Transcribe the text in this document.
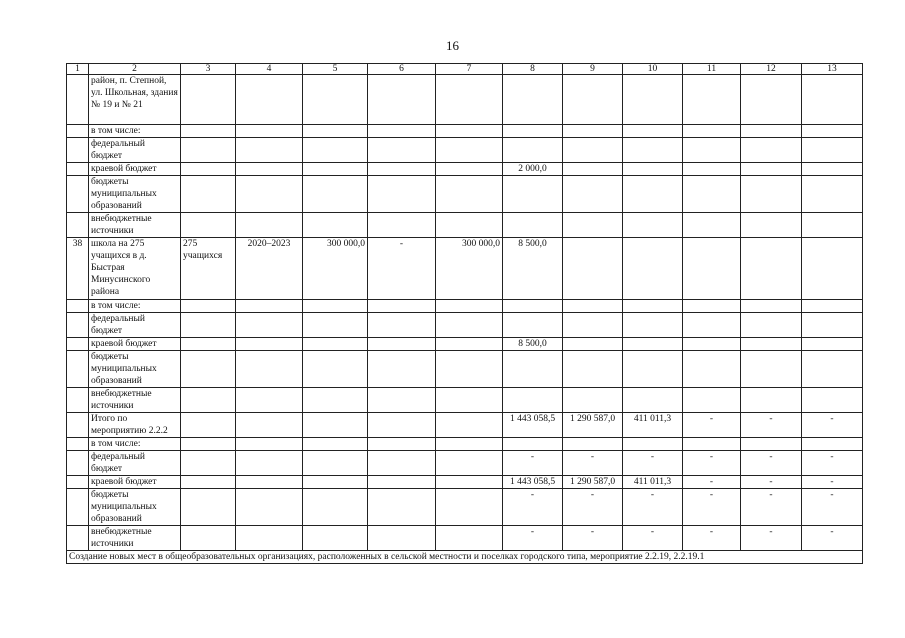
16
1	2	3	4	5	6	7	8	9	10	11	12	13
	район, п. Степной, ул. Школьная, здания № 19 и № 21											
	в том числе:											
	федеральный бюджет											
	краевой бюджет						2 000,0					
	бюджеты муниципальных образований											
	внебюджетные источники											
38	школа на 275 учащихся в д. Быстрая Минусинского района	275 учащихся	2020–2023	300 000,0	-	300 000,0	8 500,0					
	в том числе:											
	федеральный бюджет											
	краевой бюджет						8 500,0					
	бюджеты муниципальных образований											
	внебюджетные источники											
	Итого по мероприятию 2.2.2						1 443 058,5	1 290 587,0	411 011,3	-	-	-
	в том числе:											
	федеральный бюджет						-	-	-	-	-	-
	краевой бюджет						1 443 058,5	1 290 587,0	411 011,3	-	-	-
	бюджеты муниципальных образований						-	-	-	-	-	-
	внебюджетные источники						-	-	-	-	-	-
Создание новых мест в общеобразовательных организациях, расположенных в сельской местности и поселках городского типа, мероприятие 2.2.19, 2.2.19.1												
